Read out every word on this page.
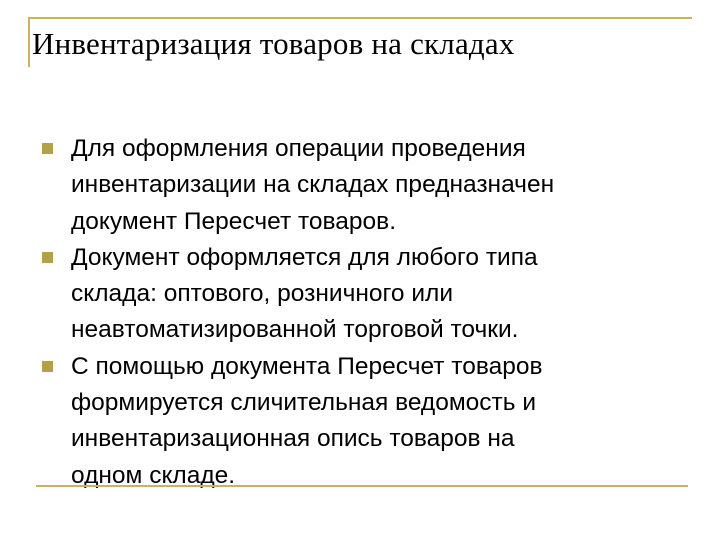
Инвентаризация товаров на складах
Для оформления операции проведения
инвентаризации на складах предназначен
документ Пересчет товаров.
Документ оформляется для любого типа
склада: оптового, розничного или
неавтоматизированной торговой точки.
С помощью документа Пересчет товаров
формируется сличительная ведомость и
инвентаризационная опись товаров на
одном складе.
